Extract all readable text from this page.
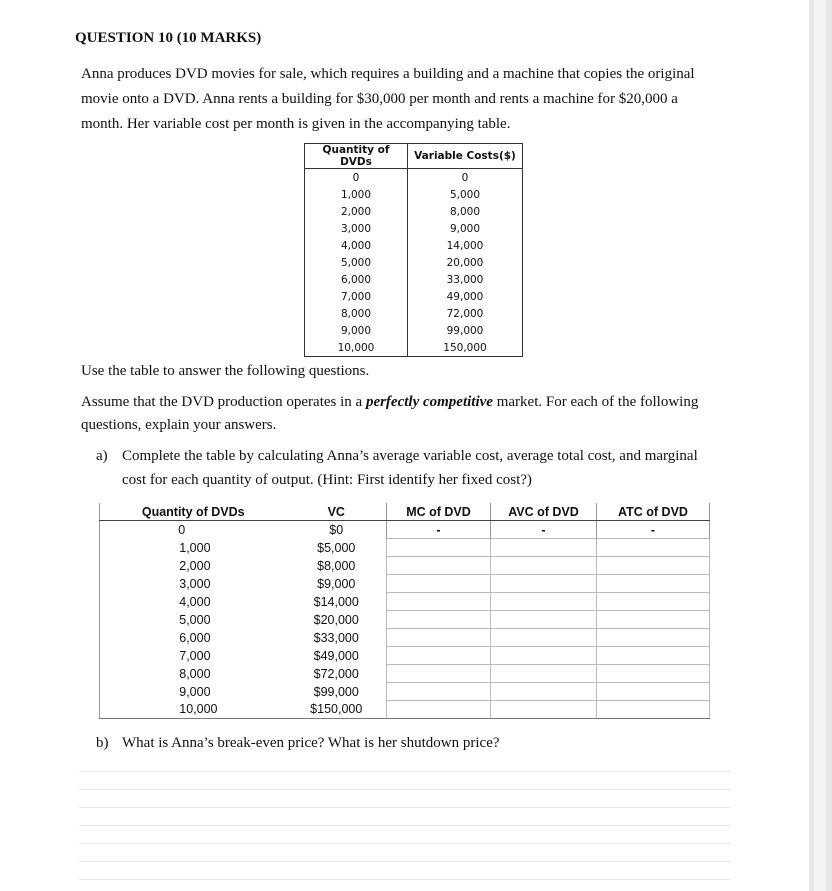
QUESTION 10 (10 MARKS)
Anna produces DVD movies for sale, which requires a building and a machine that copies the original movie onto a DVD. Anna rents a building for $30,000 per month and rents a machine for $20,000 a month. Her variable cost per month is given in the accompanying table.
Quantity of DVDs	Variable Costs($)
0	0
1,000	5,000
2,000	8,000
3,000	9,000
4,000	14,000
5,000	20,000
6,000	33,000
7,000	49,000
8,000	72,000
9,000	99,000
10,000	150,000
Use the table to answer the following questions.
Assume that the DVD production operates in a perfectly competitive market. For each of the following questions, explain your answers.
a) Complete the table by calculating Anna’s average variable cost, average total cost, and marginal cost for each quantity of output. (Hint: First identify her fixed cost?)
Quantity of DVDs	VC	MC of DVD	AVC of DVD	ATC of DVD
0	$0	-	-	-
1,000	$5,000			
2,000	$8,000			
3,000	$9,000			
4,000	$14,000			
5,000	$20,000			
6,000	$33,000			
7,000	$49,000			
8,000	$72,000			
9,000	$99,000			
10,000	$150,000			
b) What is Anna’s break-even price? What is her shutdown price?
